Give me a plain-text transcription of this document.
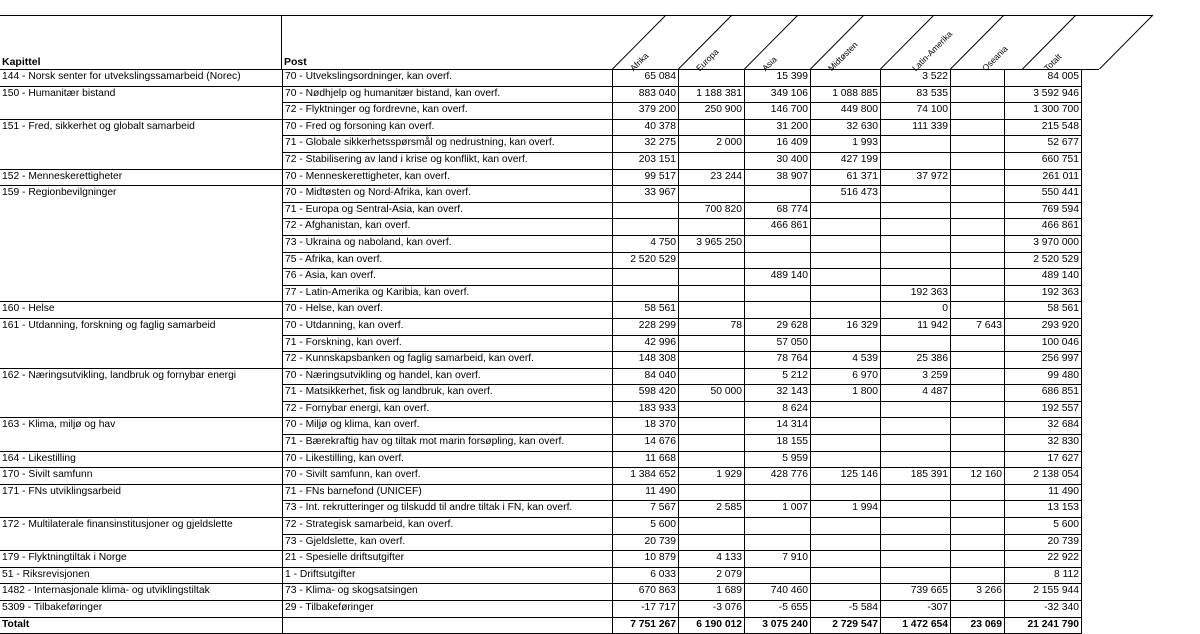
Kapittel	Post	Afrika	Europa	Asia	Midtøsten	Latin-Amerika	Oseania	Totalt
144 - Norsk senter for utvekslingssamarbeid (Norec)	70 - Utvekslingsordninger, kan overf.	65 084		15 399		3 522		84 005
150 - Humanitær bistand	70 - Nødhjelp og humanitær bistand, kan overf.	883 040	1 188 381	349 106	1 088 885	83 535		3 592 946
	72 - Flyktninger og fordrevne, kan overf.	379 200	250 900	146 700	449 800	74 100		1 300 700
151 - Fred, sikkerhet og globalt samarbeid	70 - Fred og forsoning kan overf.	40 378		31 200	32 630	111 339		215 548
	71 - Globale sikkerhetsspørsmål og nedrustning, kan overf.	32 275	2 000	16 409	1 993			52 677
	72 - Stabilisering av land i krise og konflikt, kan overf.	203 151		30 400	427 199			660 751
152 - Menneskerettigheter	70 - Menneskerettigheter, kan overf.	99 517	23 244	38 907	61 371	37 972		261 011
159 - Regionbevilgninger	70 - Midtøsten og Nord-Afrika, kan overf.	33 967			516 473			550 441
	71 - Europa og Sentral-Asia, kan overf.		700 820	68 774				769 594
	72 - Afghanistan, kan overf.			466 861				466 861
	73 - Ukraina og naboland, kan overf.	4 750	3 965 250					3 970 000
	75 - Afrika, kan overf.	2 520 529						2 520 529
	76 - Asia, kan overf.			489 140				489 140
	77 - Latin-Amerika og Karibia, kan overf.					192 363		192 363
160 - Helse	70 - Helse, kan overf.	58 561				0		58 561
161 - Utdanning, forskning og faglig samarbeid	70 - Utdanning, kan overf.	228 299	78	29 628	16 329	11 942	7 643	293 920
	71 - Forskning, kan overf.	42 996		57 050				100 046
	72 - Kunnskapsbanken og faglig samarbeid, kan overf.	148 308		78 764	4 539	25 386		256 997
162 - Næringsutvikling, landbruk og fornybar energi	70 - Næringsutvikling og handel, kan overf.	84 040		5 212	6 970	3 259		99 480
	71 - Matsikkerhet, fisk og landbruk, kan overf.	598 420	50 000	32 143	1 800	4 487		686 851
	72 - Fornybar energi, kan overf.	183 933		8 624				192 557
163 - Klima, miljø og hav	70 - Miljø og klima, kan overf.	18 370		14 314				32 684
	71 - Bærekraftig hav og tiltak mot marin forsøpling, kan overf.	14 676		18 155				32 830
164 - Likestilling	70 - Likestilling, kan overf.	11 668		5 959				17 627
170 - Sivilt samfunn	70 - Sivilt samfunn, kan overf.	1 384 652	1 929	428 776	125 146	185 391	12 160	2 138 054
171 - FNs utviklingsarbeid	71 - FNs barnefond (UNICEF)	11 490						11 490
	73 - Int. rekrutteringer og tilskudd til andre tiltak i FN, kan overf.	7 567	2 585	1 007	1 994			13 153
172 - Multilaterale finansinstitusjoner og gjeldslette	72 - Strategisk samarbeid, kan overf.	5 600						5 600
	73 - Gjeldslette, kan overf.	20 739						20 739
179 - Flyktningtiltak i Norge	21 - Spesielle driftsutgifter	10 879	4 133	7 910				22 922
51 - Riksrevisjonen	1 - Driftsutgifter	6 033	2 079					8 112
1482 - Internasjonale klima- og utviklingstiltak	73 - Klima- og skogsatsingen	670 863	1 689	740 460		739 665	3 266	2 155 944
5309 - Tilbakeføringer	29 - Tilbakeføringer	-17 717	-3 076	-5 655	-5 584	-307		-32 340
Totalt		7 751 267	6 190 012	3 075 240	2 729 547	1 472 654	23 069	21 241 790
